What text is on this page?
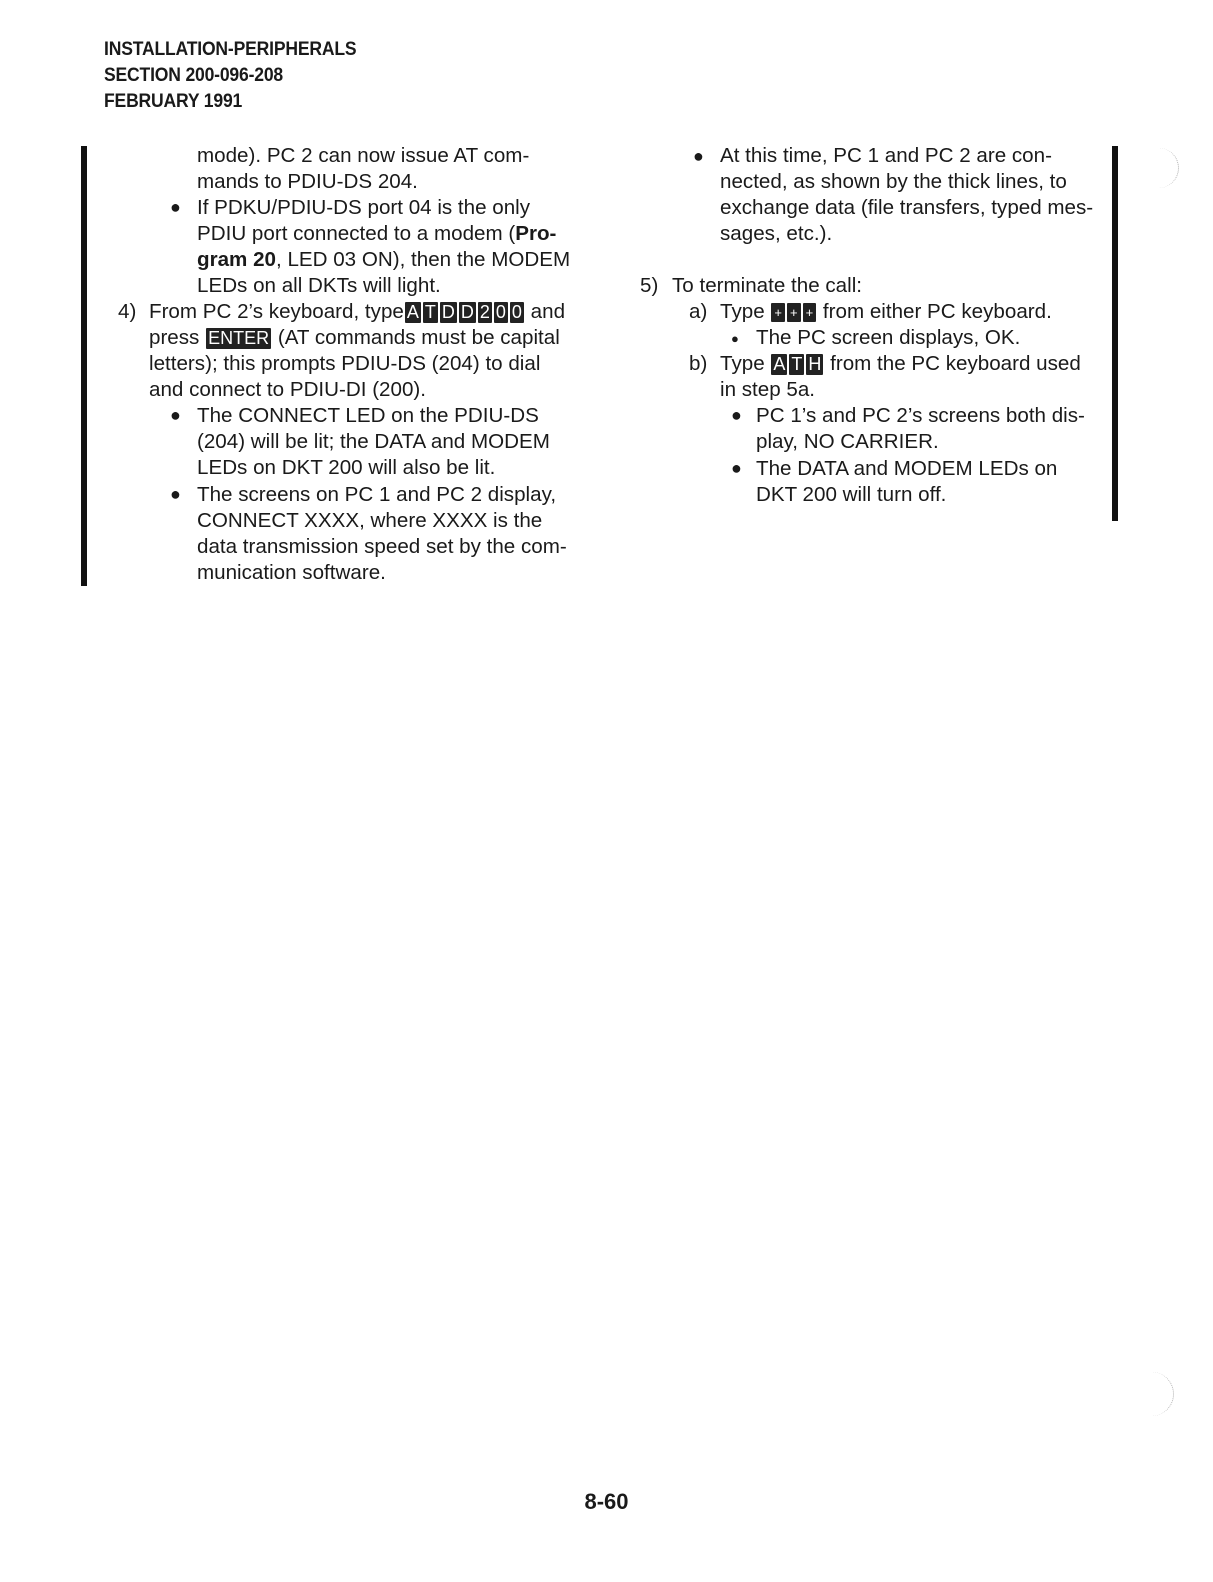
INSTALLATION-PERIPHERALS
SECTION 200-096-208
FEBRUARY 1991
mode). PC 2 can now issue AT com-
mands to PDIU-DS 204.
● If PDKU/PDIU-DS port 04 is the only
PDIU port connected to a modem (Pro-
gram 20, LED 03 ON), then the MODEM
LEDs on all DKTs will light.
4) From PC 2’s keyboard, type A T D D 2 0 0 and
press ENTER (AT commands must be capital
letters); this prompts PDIU-DS (204) to dial
and connect to PDIU-DI (200).
● The CONNECT LED on the PDIU-DS
(204) will be lit; the DATA and MODEM
LEDs on DKT 200 will also be lit.
● The screens on PC 1 and PC 2 display,
CONNECT XXXX, where XXXX is the
data transmission speed set by the com-
munication software.
● At this time, PC 1 and PC 2 are con-
nected, as shown by the thick lines, to
exchange data (file transfers, typed mes-
sages, etc.).
5) To terminate the call:
a) Type + + + from either PC keyboard.
● The PC screen displays, OK.
b) Type A T H from the PC keyboard used
in step 5a.
● PC 1’s and PC 2’s screens both dis-
play, NO CARRIER.
● The DATA and MODEM LEDs on
DKT 200 will turn off.
8-60
